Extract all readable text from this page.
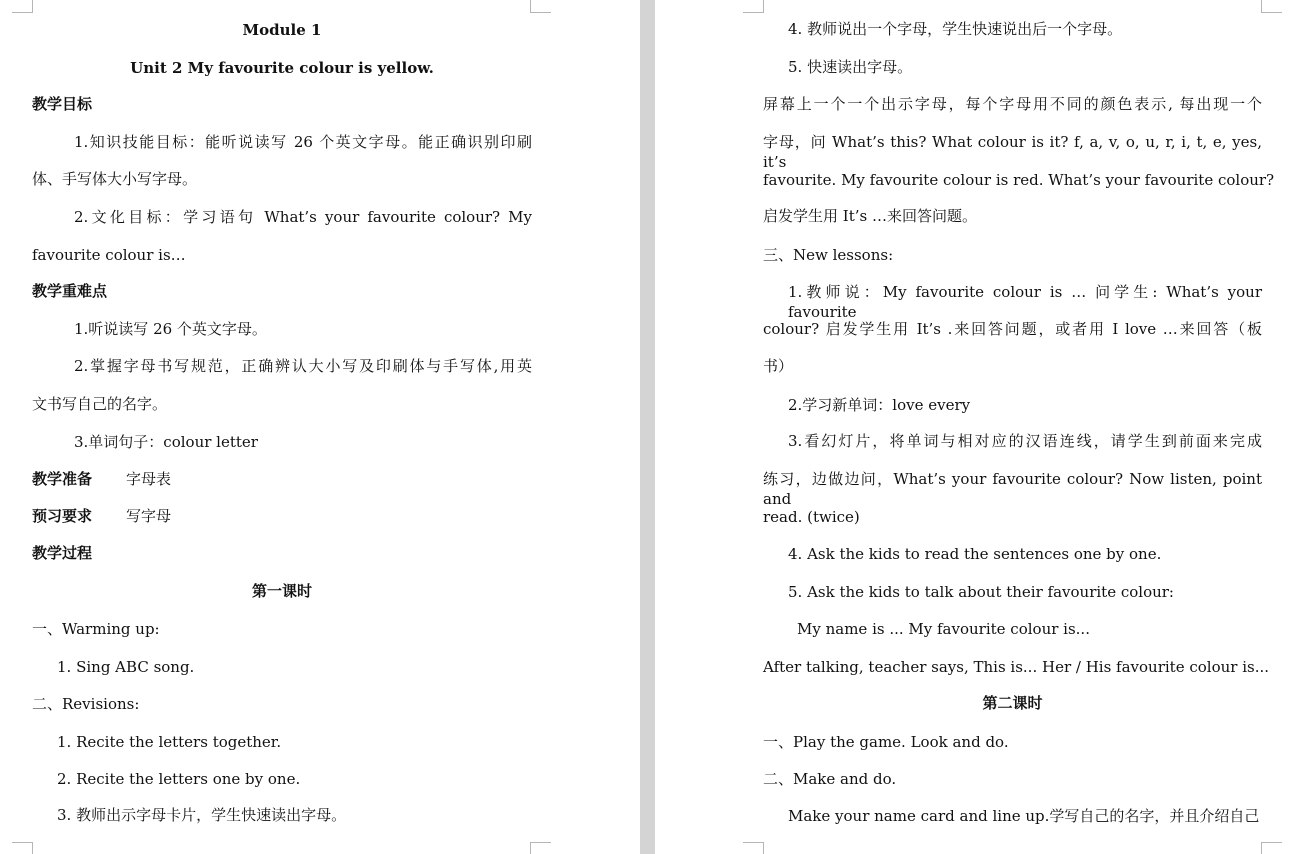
Module 1
Unit 2 My favourite colour is yellow.
教学目标
1.知识技能目标：能听说读写 26 个英文字母。能正确识别印刷
体、手写体大小写字母。
2.文化目标：学习语句 What’s your favourite colour? My
favourite colour is…
教学重难点
1.听说读写 26 个英文字母。
2.掌握字母书写规范，正确辨认大小写及印刷体与手写体,用英
文书写自己的名字。
3.单词句子：colour letter
教学准备 字母表
预习要求 写字母
教学过程
第一课时
一、Warming up:
1. Sing ABC song.
二、Revisions:
1. Recite the letters together.
2. Recite the letters one by one.
3. 教师出示字母卡片，学生快速读出字母。
4. 教师说出一个字母，学生快速说出后一个字母。
5. 快速读出字母。
屏幕上一个一个出示字母，每个字母用不同的颜色表示, 每出现一个
字母，问 What’s this? What colour is it? f, a, v, o, u, r, i, t, e, yes, it’s
favourite. My favourite colour is red. What’s your favourite colour?
启发学生用 It’s …来回答问题。
三、New lessons:
1.教师说：My favourite colour is … 问学生: What’s your favourite
colour? 启发学生用 It’s .来回答问题，或者用 I love …来回答（板
书）
2.学习新单词：love every
3.看幻灯片，将单词与相对应的汉语连线，请学生到前面来完成
练习，边做边问，What’s your favourite colour? Now listen, point and
read. (twice)
4. Ask the kids to read the sentences one by one.
5. Ask the kids to talk about their favourite colour:
My name is ... My favourite colour is...
After talking, teacher says, This is... Her / His favourite colour is...
第二课时
一、Play the game. Look and do.
二、Make and do.
Make your name card and line up.学写自己的名字，并且介绍自己
